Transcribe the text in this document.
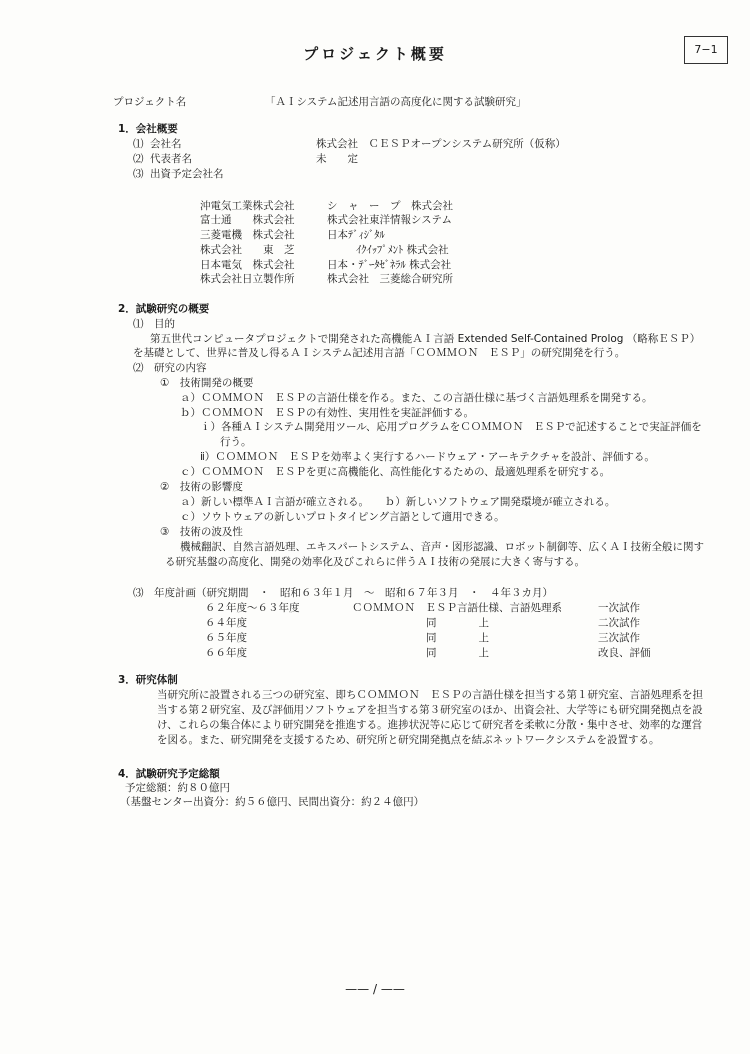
プロジェクト概要	7−1
プロジェクト名	「ＡＩシステム記述用言語の高度化に関する試験研究」
1．会社概要
⑴ 会社名	株式会社　ＣＥＳＰオープンシステム研究所（仮称）
⑵ 代表者名	未　　定
⑶ 出資予定会社名
沖電気工業株式会社	シ　ャ　ー　プ　株式会社
富士通　　株式会社	株式会社東洋情報システム
三菱電機　株式会社	日本ﾃﾞｨｼﾞﾀﾙ
株式会社　　東　芝	ｲｸｲｯﾌﾟﾒﾝﾄ 株式会社
日本電気　株式会社	日本・ﾃﾞｰﾀｾﾞﾈﾗﾙ 株式会社
株式会社日立製作所	株式会社　三菱総合研究所
2．試験研究の概要
⑴　目的
第五世代コンピュータプロジェクトで開発された高機能ＡＩ言語 Extended Self-Contained Prolog （略称ＥＳＰ）
を基礎として、世界に普及し得るＡＩシステム記述用言語「ＣＯＭＭＯＮ　ＥＳＰ」の研究開発を行う。
⑵　研究の内容
①　技術開発の概要
ａ）ＣＯＭＭＯＮ　ＥＳＰの言語仕様を作る。また、この言語仕様に基づく言語処理系を開発する。
ｂ）ＣＯＭＭＯＮ　ＥＳＰの有効性、実用性を実証評価する。
ｉ）各種ＡＩシステム開発用ツール、応用プログラムをＣＯＭＭＯＮ　ＥＳＰで記述することで実証評価を
行う。
ⅱ）ＣＯＭＭＯＮ　ＥＳＰを効率よく実行するハードウェア・アーキテクチャを設計、評価する。
ｃ）ＣＯＭＭＯＮ　ＥＳＰを更に高機能化、高性能化するための、最適処理系を研究する。
②　技術の影響度
ａ）新しい標準ＡＩ言語が確立される。　　ｂ）新しいソフトウェア開発環境が確立される。
ｃ）ソウトウェアの新しいプロトタイピング言語として適用できる。
③　技術の波及性
機械翻訳、自然言語処理、エキスパートシステム、音声・図形認識、ロボット制御等、広くＡＩ技術全般に関す
る研究基盤の高度化、開発の効率化及びこれらに伴うＡＩ技術の発展に大きく寄与する。
⑶　年度計画（研究期間　・　昭和６３年１月　～　昭和６７年３月　・　４年３カ月）
６２年度～６３年度	ＣＯＭＭＯＮ　ＥＳＰ言語仕様、言語処理系	一次試作
６４年度	同　　　　上	二次試作
６５年度	同　　　　上	三次試作
６６年度	同　　　　上	改良、評価
3．研究体制
当研究所に設置される三つの研究室、即ちＣＯＭＭＯＮ　ＥＳＰの言語仕様を担当する第１研究室、言語処理系を担
当する第２研究室、及び評価用ソフトウェアを担当する第３研究室のほか、出資会社、大学等にも研究開発拠点を設
け、これらの集合体により研究開発を推進する。進捗状況等に応じて研究者を柔軟に分散・集中させ、効率的な運営
を図る。また、研究開発を支援するため、研究所と研究開発拠点を結ぶネットワークシステムを設置する。
4．試験研究予定総額
予定総額：約８０億円
（基盤センター出資分：約５６億円、民間出資分：約２４億円）
—— / ——
